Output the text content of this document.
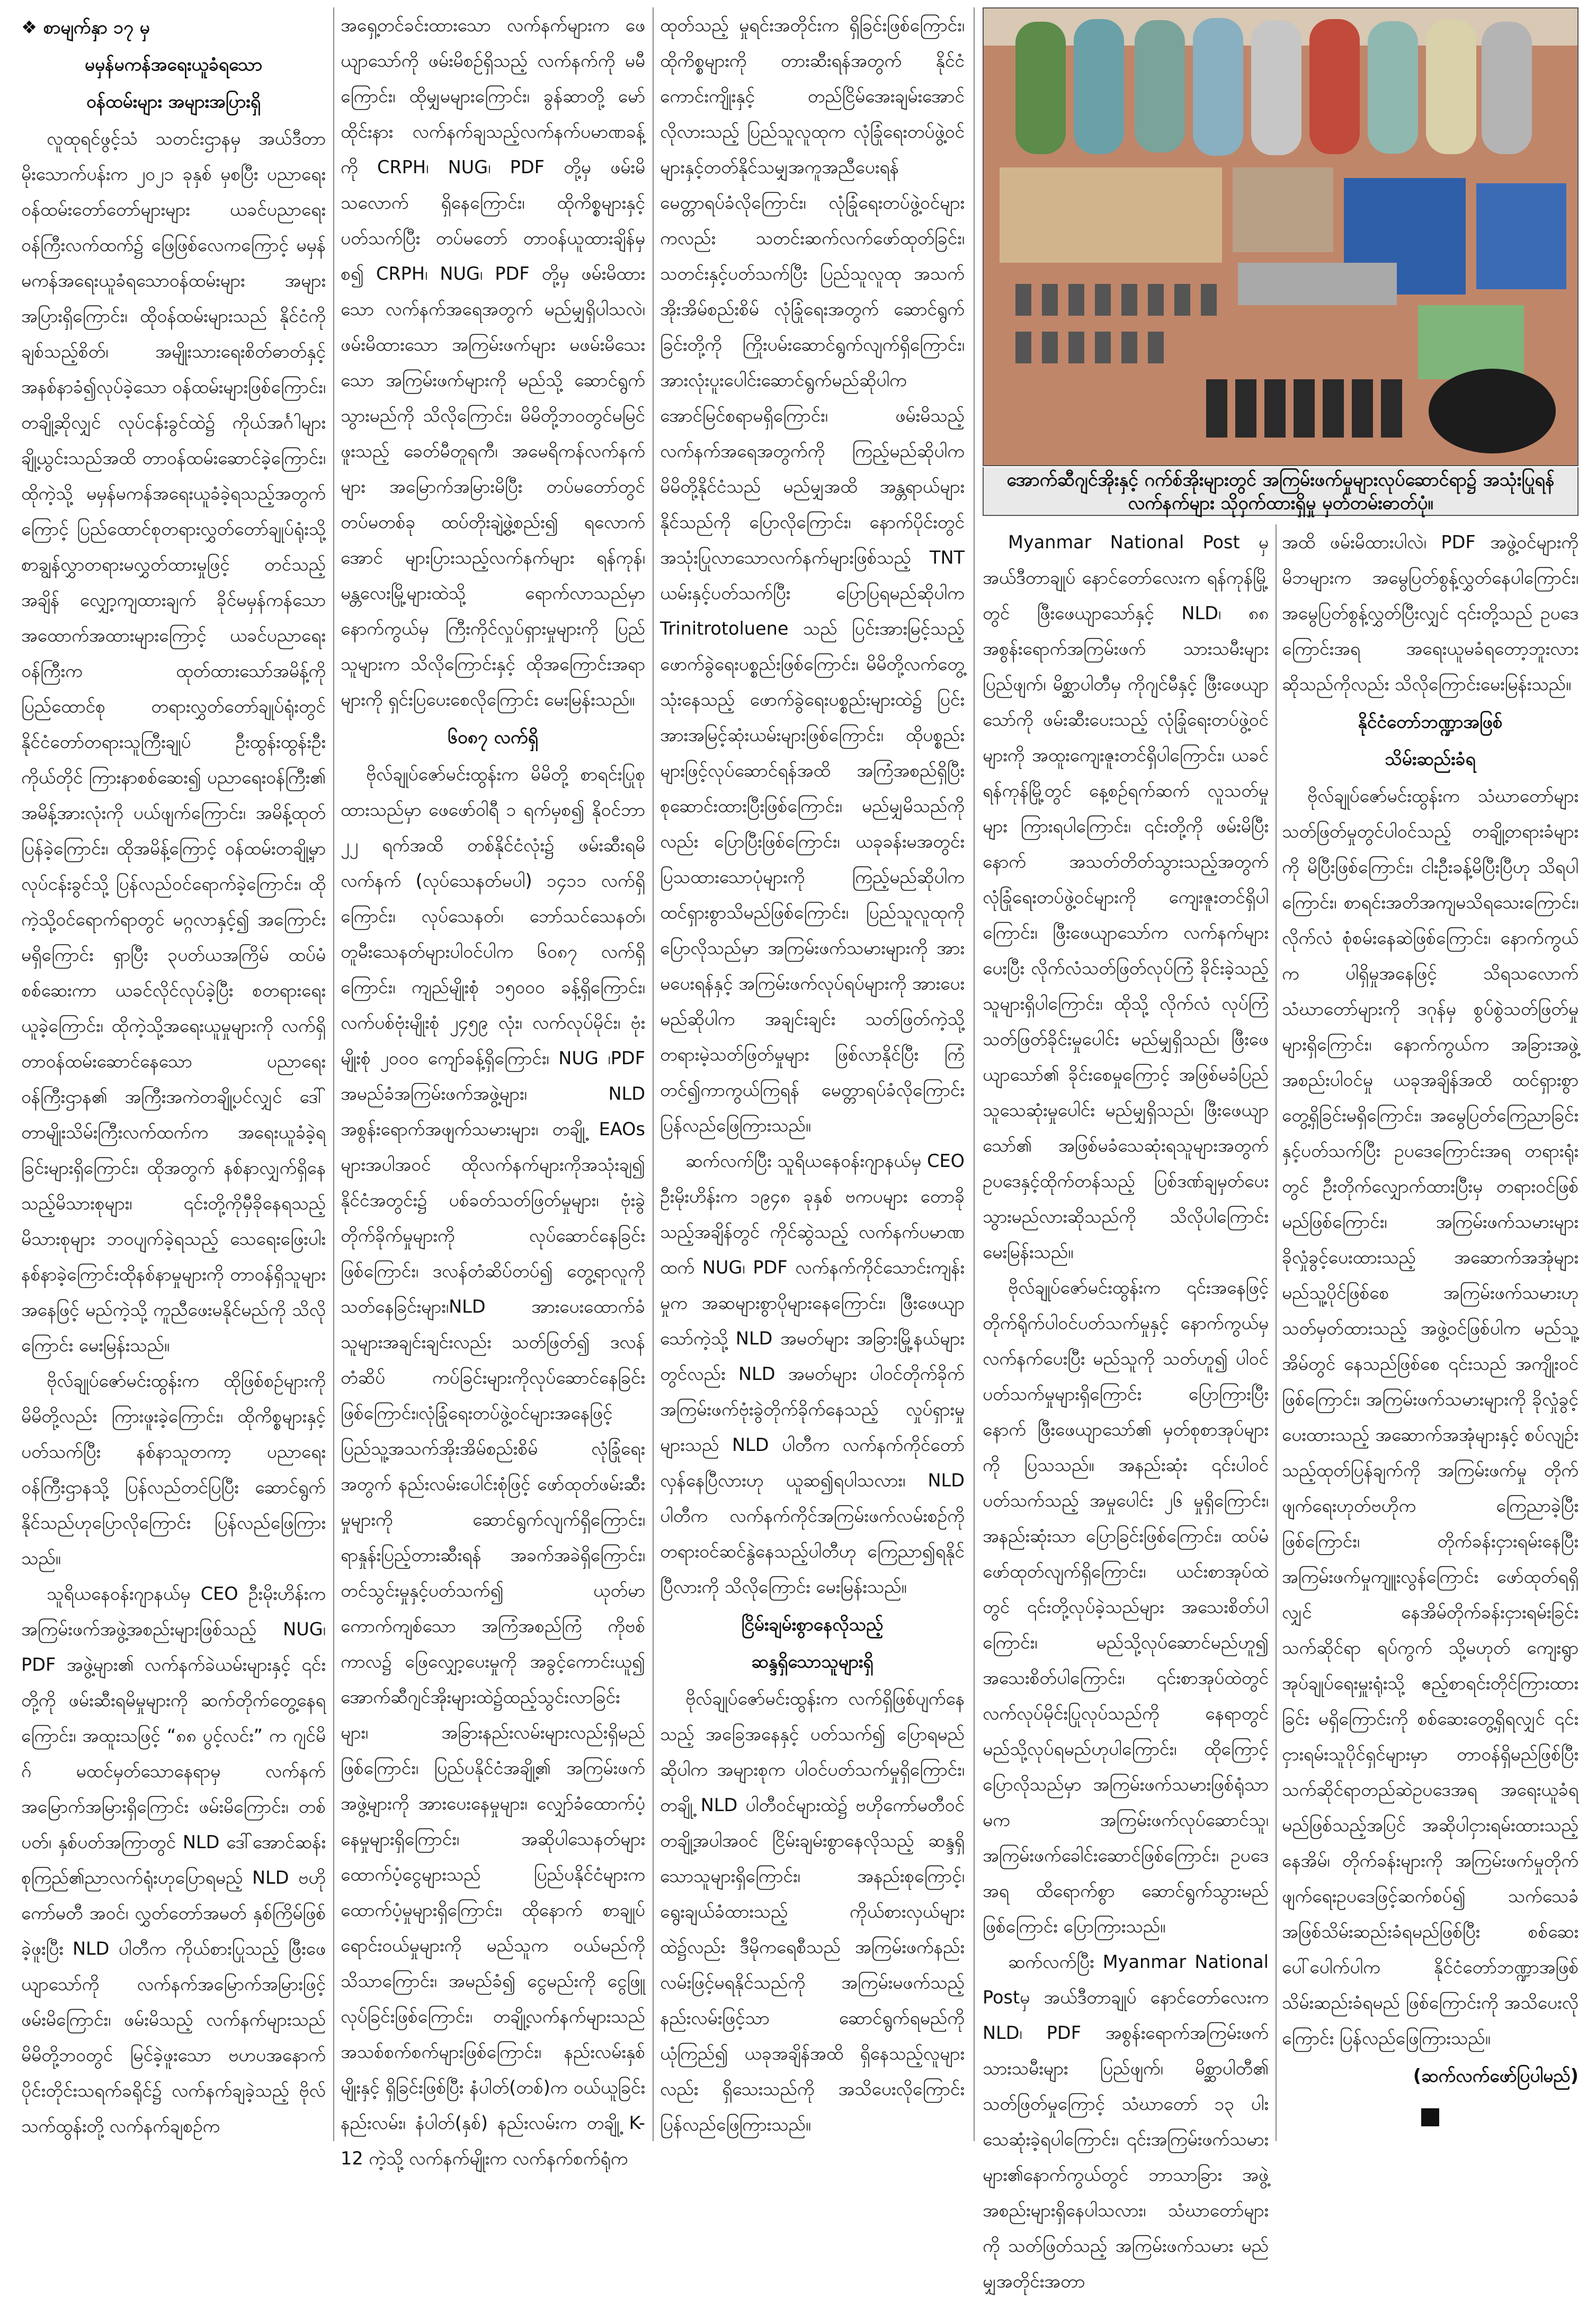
❖ စာမျက်နှာ ၁၇ မှ
မမှန်မကန်အရေးယူခံရသော
ဝန်ထမ်းများ အများအပြားရှိ

လူထုရင်ဖွင့်သံ သတင်းဌာနမှ အယ်ဒီတာ မိုးသောက်ပန်းက ၂၀၂၁ ခုနှစ် မှစပြီး ပညာရေးဝန်ထမ်းတော်တော်များများ ယခင်ပညာရေးဝန်ကြီးလက်ထက်၌ ဖြေဖြစ်လေကကြောင့် မမှန်မကန်အရေးယူခံရသောဝန်ထမ်းများ အများအပြားရှိကြောင်း၊ ထိုဝန်ထမ်းများသည် နိုင်ငံကိုချစ်သည့်စိတ်၊ အမျိုးသားရေးစိတ်ဓာတ်နှင့် အနစ်နာခံ၍လုပ်ခဲ့သော ဝန်ထမ်းများဖြစ်ကြောင်း၊ တချို့ဆိုလျှင် လုပ်ငန်းခွင်ထဲ၌ ကိုယ်အင်္ဂါများ ချို့ယွင်းသည်အထိ တာဝန်ထမ်းဆောင်ခဲ့ကြောင်း၊ ထိုကဲ့သို့ မမှန်မကန်အရေးယူခံခဲ့ရသည့်အတွက်ကြောင့် ပြည်ထောင်စုတရားလွှတ်တော်ချုပ်ရုံးသို့ စာချွန်လွှာတရားမလွှတ်ထားမှုဖြင့် တင်သည့်အချိန် လျှော့ကျထားချက် ခိုင်မမှန်ကန်သော အထောက်အထားများကြောင့် ယခင်ပညာရေးဝန်ကြီးက ထုတ်ထားသော်အမိန့်ကို ပြည်ထောင်စု တရားလွှတ်တော်ချုပ်ရုံးတွင် နိုင်ငံတော်တရားသူကြီးချုပ် ဦးထွန်းထွန်းဦးကိုယ်တိုင် ကြားနာစစ်ဆေး၍ ပညာရေးဝန်ကြီး၏ အမိန့်အားလုံးကို ပယ်ဖျက်ကြောင်း၊ အမိန့်ထုတ်ပြန်ခဲ့ကြောင်း၊ ထိုအမိန့်ကြောင့် ဝန်ထမ်းတချို့မှာ လုပ်ငန်းခွင်သို့ ပြန်လည်ဝင်ရောက်ခဲ့ကြောင်း၊ ထိုကဲ့သို့ဝင်ရောက်ရာတွင် မဂ္ဂလာနှင့်၍ အကြောင်းမရှိကြောင်း ရှာပြီး ၃ပတ်ယအကြိမ် ထပ်မံစစ်ဆေးကာ ယခင်လိုင်လုပ်ခဲ့ပြီး စတရားရေးယူခဲ့ကြောင်း၊ ထိုကဲ့သို့အရေးယူမှုများကို လက်ရှိ တာဝန်ထမ်းဆောင်နေသော ပညာရေးဝန်ကြီးဌာန၏ အကြီးအကဲတချို့ပင်လျှင် ဒေါ်တာမျိုးသိမ်းကြီးလက်ထက်က အရေးယူခံခဲ့ရခြင်းများရှိကြောင်း၊ ထိုအတွက် နစ်နာလျှက်ရှိနေသည့်မိသားစုများ၊ ၎င်းတို့ကိုမှီခိုနေရသည့် မိသားစုများ ဘဝပျက်ခဲ့ရသည့် သေရေးဖြေးပါး နစ်နာခဲ့ကြောင်းထိုနစ်နာမှုများကို တာဝန်ရှိသူများအနေဖြင့် မည်ကဲ့သို့ ကူညီဖေးမနိုင်မည်ကို သိလိုကြောင်း မေးမြန်းသည်။

ဗိုလ်ချုပ်ဇော်မင်းထွန်းက ထိုဖြစ်စဉ်များကို မိမိတို့လည်း ကြားဖူးခဲ့ကြောင်း၊ ထိုကိစ္စများနှင့်ပတ်သက်ပြီး နစ်နာသူတကာ့ ပညာရေးဝန်ကြီးဌာနသို့ ပြန်လည်တင်ပြပြီး ဆောင်ရွက်နိုင်သည်ဟုပြောလိုကြောင်း ပြန်လည်ဖြေကြားသည်။

သူရိယနေဝန်းဂျာနယ်မှ CEO ဦးမိုးဟိန်းက အကြမ်းဖက်အဖွဲ့အစည်းများဖြစ်သည့် NUG၊ PDF အဖွဲ့များ၏ လက်နက်ခဲယမ်းများနှင့် ၎င်းတို့ကို ဖမ်းဆီးရမိမှုများကို ဆက်တိုက်တွေ့နေရကြောင်း၊ အထူးသဖြင့် “၈၈ ပွင့်လင်း” က ဂျင်မိဂ် မထင်မှတ်သောနေရာမှ လက်နက်အမြောက်အမြားရှိကြောင်း ဖမ်းမိကြောင်း၊ တစ်ပတ်၊ နှစ်ပတ်အကြာတွင် NLD ဒေါ်အောင်ဆန်းစုကြည်၏ညာလက်ရုံးဟုပြောရမည့် NLD ဗဟိုကော်မတီ အဝင်၊ လွှတ်တော်အမတ် နှစ်ကြိမ်ဖြစ်ခဲ့ဖူးပြီး NLD ပါတီက ကိုယ်စားပြုသည့် ဖြီးဖေယျာသော်ကို လက်နက်အမြောက်အမြားဖြင့် ဖမ်းမိကြောင်း၊ ဖမ်းမိသည့် လက်နက်များသည် မိမိတို့ဘဝတွင် မြင်ခဲ့ဖူးသော ဗဟပအနောက်ပိုင်းတိုင်းသရက်ခရိုင်၌ လက်နက်ချခဲ့သည့် ဗိုလ်သက်ထွန်းတို့ လက်နက်ချစဉ်က

အရှေ့တင်ခင်းထားသော လက်နက်များက ဖေယျာသော်ကို ဖမ်းမိစဉ်ရှိသည့် လက်နက်ကို မမီကြောင်း၊ ထိုမျှမများကြောင်း၊ ခွန်ဆာတို့ မော်ထိုင်းနား လက်နက်ချသည့်လက်နက်ပမာဏခန့်ကို CRPH၊ NUG၊ PDF တို့မှ ဖမ်းမိသလောက် ရှိနေကြောင်း၊ ထိုကိစ္စများနှင့်ပတ်သက်ပြီး တပ်မတော် တာဝန်ယူထားချိန်မှစ၍ CRPH၊ NUG၊ PDF တို့မှ ဖမ်းမိထားသော လက်နက်အရေအတွက် မည်မျှရှိပါသလဲ၊ ဖမ်းမိထားသော အကြမ်းဖက်များ မဖမ်းမိသေးသော အကြမ်းဖက်များကို မည်သို့ ဆောင်ရွက်သွားမည်ကို သိလိုကြောင်း၊ မိမိတို့ဘဝတွင်မမြင်ဖူးသည့် ခေတ်မီတူရကီ၊ အမေရိကန်လက်နက်များ အမြောက်အမြားမိပြီး တပ်မတော်တွင်တပ်မတစ်ခု ထပ်တိုးချဲ့ဖွဲ့စည်း၍ ရလောက်အောင် များပြားသည့်လက်နက်များ ရန်ကုန်၊ မန္တလေးမြို့များထဲသို့ ရောက်လာသည်မှာ နောက်ကွယ်မှ ကြီးကိုင်လှုပ်ရှားမှုများကို ပြည်သူများက သိလိုကြောင်းနှင့် ထိုအကြောင်းအရာများကို ရှင်းပြပေးစေလိုကြောင်း မေးမြန်းသည်။

၆၀၈၇ လက်ရှိ

ဗိုလ်ချုပ်ဇော်မင်းထွန်းက မိမိတို့ စာရင်းပြုစုထားသည်မှာ ဖေဖော်ဝါရီ ၁ ရက်မှစ၍ နိုဝင်ဘာ ၂၂ ရက်အထိ တစ်နိုင်ငံလုံး၌ ဖမ်းဆီးရမိလက်နက် (လုပ်သေနတ်မပါ) ၁၄၁၁ လက်ရှိကြောင်း၊ လုပ်သေနတ်၊ ဘော်သင်သေနတ်၊ တူမီးသေနတ်များပါဝင်ပါက ၆၀၈၇ လက်ရှိကြောင်း၊ ကျည်မျိုးစုံ ၁၅၀၀၀ ခန့်ရှိကြောင်း၊ လက်ပစ်ဗုံးမျိုးစုံ ၂၄၅၉ လုံး၊ လက်လုပ်မိုင်း၊ ဗုံးမျိုးစုံ ၂၀၀၀ ကျော်ခန့်ရှိကြောင်း၊ NUG ၊PDF အမည်ခံအကြမ်းဖက်အဖွဲ့များ၊ NLD အစွန်းရောက်အဖျက်သမားများ၊ တချို့ EAOs များအပါအဝင် ထိုလက်နက်များကိုအသုံးချ၍ နိုင်ငံအတွင်း၌ ပစ်ခတ်သတ်ဖြတ်မှုများ၊ ဗုံးခွဲတိုက်ခိုက်မှုများကို လုပ်ဆောင်နေခြင်းဖြစ်ကြောင်း၊ ဒလန်တံဆိပ်တပ်၍ တွေ့ရာလူကို သတ်နေခြင်းများ၊NLD အားပေးထောက်ခံသူများအချင်းချင်းလည်း သတ်ဖြတ်၍ ဒလန်တံဆိပ် ကပ်ခြင်းများကိုလုပ်ဆောင်နေခြင်းဖြစ်ကြောင်း၊လုံခြုံရေးတပ်ဖွဲ့ဝင်များအနေဖြင့် ပြည်သူ့အသက်အိုးအိမ်စည်းစိမ် လုံခြုံရေးအတွက် နည်းလမ်းပေါင်းစုံဖြင့် ဖော်ထုတ်ဖမ်းဆီးမှုများကို ဆောင်ရွက်လျက်ရှိကြောင်း၊ ရာနှုန်းပြည့်တားဆီးရန် အခက်အခဲရှိကြောင်း၊ တင်သွင်းမှုနှင့်ပတ်သက်၍ ယုတ်မာကောက်ကျစ်သော အကြံအစည်ကြံ ကိုဗစ်ကာလ၌ ဖြေလျှော့ပေးမှုကို အခွင့်ကောင်းယူ၍ အောက်ဆီဂျင်အိုးများထဲ၌ထည့်သွင်းလာခြင်းများ၊ အခြားနည်းလမ်းများလည်းရှိမည်ဖြစ်ကြောင်း၊ ပြည်ပနိုင်ငံအချို့၏ အကြမ်းဖက်အဖွဲ့များကို အားပေးနေမှုများ၊ လျှော်ခံထောက်ပံ့နေမှုများရှိကြောင်း၊ အဆိုပါသေနတ်များ ထောက်ပံ့ငွေများသည် ပြည်ပနိုင်ငံများက ထောက်ပံ့မှုများရှိကြောင်း၊ ထိုနောက် စာချုပ်ရောင်းဝယ်မှုများကို မည်သူက ဝယ်မည်ကို သိသာကြောင်း၊ အမည်ခံ၍ ငွေမည်းကို ငွေဖြူလုပ်ခြင်းဖြစ်ကြောင်း၊ တချို့လက်နက်များသည် အသစ်စက်စက်များဖြစ်ကြောင်း၊ နည်းလမ်းနှစ်မျိုးနှင့် ရှိခြင်းဖြစ်ပြီး နံပါတ်(တစ်)က ဝယ်ယူခြင်းနည်းလမ်း၊ နံပါတ်(နှစ်) နည်းလမ်းက တချို့ K-12 ကဲ့သို့ လက်နက်မျိုးက လက်နက်စက်ရုံက

ထုတ်သည့် မှုရင်းအတိုင်းက ရှိခြင်းဖြစ်ကြောင်း၊ ထိုကိစ္စများကို တားဆီးရန်အတွက် နိုင်ငံကောင်းကျိုးနှင့် တည်ငြိမ်အေးချမ်းအောင် လိုလားသည့် ပြည်သူလူထုက လုံခြုံရေးတပ်ဖွဲ့ဝင်များနှင့်တတ်နိုင်သမျှအကူအညီပေးရန် မေတ္တာရပ်ခံလိုကြောင်း၊ လုံခြုံရေးတပ်ဖွဲ့ဝင်များကလည်း သတင်းဆက်လက်ဖော်ထုတ်ခြင်း၊ သတင်းနှင့်ပတ်သက်ပြီး ပြည်သူလူထု အသက်အိုးအိမ်စည်းစိမ် လုံခြုံရေးအတွက် ဆောင်ရွက်ခြင်းတို့ကို ကြိုးပမ်းဆောင်ရွက်လျက်ရှိကြောင်း၊ အားလုံးပူးပေါင်းဆောင်ရွက်မည်ဆိုပါက အောင်မြင်စရာမရှိကြောင်း၊ ဖမ်းမိသည့် လက်နက်အရေအတွက်ကို ကြည့်မည်ဆိုပါက မိမိတို့နိုင်ငံသည် မည်မျှအထိ အန္တရာယ်များနိုင်သည်ကို ပြောလိုကြောင်း၊ နောက်ပိုင်းတွင် အသုံးပြုလာသောလက်နက်များဖြစ်သည့် TNT ယမ်းနှင့်ပတ်သက်ပြီး ပြောပြရမည်ဆိုပါက Trinitrotoluene သည် ပြင်းအားမြင့်သည့် ဖောက်ခွဲရေးပစ္စည်းဖြစ်ကြောင်း၊ မိမိတို့လက်တွေ့သုံးနေသည့် ဖောက်ခွဲရေးပစ္စည်းများထဲ၌ ပြင်းအားအမြင့်ဆုံးယမ်းများဖြစ်ကြောင်း၊ ထိုပစ္စည်းများဖြင့်လုပ်ဆောင်ရန်အထိ အကြံအစည်ရှိပြီး စုဆောင်းထားပြီးဖြစ်ကြောင်း၊ မည်မျှမိသည်ကိုလည်း ပြောပြီးဖြစ်ကြောင်း၊ ယခုခန်းမအတွင်း ပြသထားသောပုံများကို ကြည့်မည်ဆိုပါက ထင်ရှားစွာသိမည်ဖြစ်ကြောင်း၊ ပြည်သူလူထုကို ပြောလိုသည်မှာ အကြမ်းဖက်သမားများကို အားမပေးရန်နှင့် အကြမ်းဖက်လုပ်ရပ်များကို အားပေးမည်ဆိုပါက အချင်းချင်း သတ်ဖြတ်ကဲ့သို့ တရားမဲ့သတ်ဖြတ်မှုများ ဖြစ်လာနိုင်ပြီး ကြံတင်၍ကာကွယ်ကြရန် မေတ္တာရပ်ခံလိုကြောင်း ပြန်လည်ဖြေကြားသည်။

ဆက်လက်ပြီး သူရိယနေဝန်းဂျာနယ်မှ CEO ဦးမိုးဟိန်းက ၁၉၄၈ ခုနှစ် ဗကပများ တောခိုသည့်အချိန်တွင် ကိုင်ဆွဲသည့် လက်နက်ပမာဏထက် NUG၊ PDF လက်နက်ကိုင်သောင်းကျန်းမှုက အဆများစွာပိုများနေကြောင်း၊ ဖြီးဖေယျာသော်ကဲ့သို့ NLD အမတ်များ အခြားမြို့နယ်များတွင်လည်း NLD အမတ်များ ပါဝင်တိုက်ခိုက်အကြမ်းဖက်ဗုံးခွဲတိုက်ခိုက်နေသည့် လှုပ်ရှားမှုများသည် NLD ပါတီက လက်နက်ကိုင်တော်လှန်နေပြီလားဟု ယူဆ၍ရပါသလား၊ NLD ပါတီက လက်နက်ကိုင်အကြမ်းဖက်လမ်းစဉ်ကို တရားဝင်ဆင်နွဲနေသည့်ပါတီဟု ကြေညာ၍ရနိုင်ပြီလားကို သိလိုကြောင်း မေးမြန်းသည်။

ငြိမ်းချမ်းစွာနေလိုသည့်
ဆန္ဒရှိသောသူများရှိ

ဗိုလ်ချုပ်ဇော်မင်းထွန်းက လက်ရှိဖြစ်ပျက်နေသည့် အခြေအနေနှင့် ပတ်သက်၍ ပြောရမည်ဆိုပါက အများစုက ပါဝင်ပတ်သက်မှုရှိကြောင်း၊ တချို့ NLD ပါတီဝင်များထဲ၌ ဗဟိုကော်မတီဝင်တချို့အပါအဝင် ငြိမ်းချမ်းစွာနေလိုသည့် ဆန္ဒရှိသောသူများရှိကြောင်း၊ အနည်းစုကြောင့်၊ ရွေးချယ်ခံထားသည့် ကိုယ်စားလှယ်များထဲ၌လည်း ဒီမိုကရေစီသည် အကြမ်းဖက်နည်းလမ်းဖြင့်မရနိုင်သည်ကို အကြမ်းမဖက်သည့် နည်းလမ်းဖြင့်သာ ဆောင်ရွက်ရမည်ကို ယုံကြည်၍ ယခုအချိန်အထိ ရှိနေသည့်လူများလည်း ရှိသေးသည်ကို အသိပေးလိုကြောင်း ပြန်လည်ဖြေကြားသည်။

အောက်ဆီဂျင်အိုးနှင့် ဂက်စ်အိုးများတွင် အကြမ်းဖက်မှုများလုပ်ဆောင်ရာ၌ အသုံးပြုရန် လက်နက်များ သိုဝှက်ထားရှိမှု မှတ်တမ်းဓာတ်ပုံ။

Myanmar National Post မှ အယ်ဒီတာချုပ် နောင်တော်လေးက ရန်ကုန်မြို့တွင် ဖြီးဖေယျာသော်နှင့် NLD၊ ၈၈ အစွန်းရောက်အကြမ်းဖက် သားသမီးများ ပြည်ဖျက်၊ မိစ္ဆာပါတီမှ ကိုဂျင်မီနှင့် ဖြီးဖေယျာသော်ကို ဖမ်းဆီးပေးသည့် လုံခြုံရေးတပ်ဖွဲ့ဝင်များကို အထူးကျေးဇူးတင်ရှိပါကြောင်း၊ ယခင် ရန်ကုန်မြို့တွင် နေ့စဉ်ရက်ဆက် လူသတ်မှုများ ကြားရပါကြောင်း၊ ၎င်းတို့ကို ဖမ်းမိပြီးနောက် အသတ်တိတ်သွားသည့်အတွက် လုံခြုံရေးတပ်ဖွဲ့ဝင်များကို ကျေးဇူးတင်ရှိပါကြောင်း၊ ဖြီးဖေယျာသော်က လက်နက်များပေးပြီး လိုက်လံသတ်ဖြတ်လုပ်ကြံ ခိုင်းခဲ့သည့်သူများရှိပါကြောင်း၊ ထိုသို့ လိုက်လံ လုပ်ကြံသတ်ဖြတ်ခိုင်းမှုပေါင်း မည်မျှရှိသည်၊ ဖြီးဖေယျာသော်၏ ခိုင်းစေမှုကြောင့် အဖြစ်မခံပြည်သူသေဆုံးမှုပေါင်း မည်မျှရှိသည်၊ ဖြီးဖေယျာသော်၏ အဖြစ်မခံသေဆုံးရသူများအတွက် ဥပဒေနှင့်ထိုက်တန်သည့် ပြစ်ဒဏ်ချမှတ်ပေးသွားမည်လားဆိုသည်ကို သိလိုပါကြောင်း မေးမြန်းသည်။

ဗိုလ်ချုပ်ဇော်မင်းထွန်းက ၎င်းအနေဖြင့် တိုက်ရိုက်ပါဝင်ပတ်သက်မှုနှင့် နောက်ကွယ်မှ လက်နက်ပေးပြီး မည်သူကို သတ်ဟူ၍ ပါဝင်ပတ်သက်မှုများရှိကြောင်း ပြောကြားပြီး နောက် ဖြီးဖေယျာသော်၏ မှတ်စုစာအုပ်များကို ပြသသည်။ အနည်းဆုံး ၎င်းပါဝင်ပတ်သက်သည့် အမှုပေါင်း ၂၆ မှုရှိကြောင်း၊ အနည်းဆုံးသာ ပြောခြင်းဖြစ်ကြောင်း၊ ထပ်မံဖော်ထုတ်လျက်ရှိကြောင်း၊ ယင်းစာအုပ်ထဲတွင် ၎င်းတို့လုပ်ခဲ့သည်များ အသေးစိတ်ပါကြောင်း၊ မည်သို့လုပ်ဆောင်မည်ဟူ၍ အသေးစိတ်ပါကြောင်း၊ ၎င်းစာအုပ်ထဲတွင် လက်လုပ်မိုင်းပြုလုပ်သည်ကို နေရာတွင် မည်သို့လုပ်ရမည်ဟုပါကြောင်း၊ ထိုကြောင့်ပြောလိုသည်မှာ အကြမ်းဖက်သမားဖြစ်ရုံသာမက အကြမ်းဖက်လုပ်ဆောင်သူ၊ အကြမ်းဖက်ခေါင်းဆောင်ဖြစ်ကြောင်း၊ ဥပဒေအရ ထိရောက်စွာ ဆောင်ရွက်သွားမည်ဖြစ်ကြောင်း ပြောကြားသည်။

ဆက်လက်ပြီး Myanmar National Postမှ အယ်ဒီတာချုပ် နောင်တော်လေးက NLD၊ PDF အစွန်းရောက်အကြမ်းဖက်သားသမီးများ ပြည်ဖျက်၊ မိစ္ဆာပါတီ၏ သတ်ဖြတ်မှုကြောင့် သံဃာတော် ၁၃ ပါး သေဆုံးခဲ့ရပါကြောင်း၊ ၎င်းအကြမ်းဖက်သမားများ၏နောက်ကွယ်တွင် ဘာသာခြား အဖွဲ့အစည်းများရှိနေပါသလား၊ သံဃာတော်များကို သတ်ဖြတ်သည့် အကြမ်းဖက်သမား မည်မျှအတိုင်းအတာ

အထိ ဖမ်းမိထားပါလဲ၊ PDF အဖွဲ့ဝင်များကို မိဘများက အမွေပြတ်စွန့်လွှတ်နေပါကြောင်း၊ အမွေပြတ်စွန့်လွှတ်ပြီးလျှင် ၎င်းတို့သည် ဥပဒေကြောင်းအရ အရေးယူမခံရတော့ဘူးလား ဆိုသည်ကိုလည်း သိလိုကြောင်းမေးမြန်းသည်။

နိုင်ငံတော်ဘဏ္ဍာအဖြစ်
သိမ်းဆည်းခံရ

ဗိုလ်ချုပ်ဇော်မင်းထွန်းက သံဃာတော်များ သတ်ဖြတ်မှုတွင်ပါဝင်သည့် တချို့တရားခံများကို မိပြီးဖြစ်ကြောင်း၊ ငါးဦးခန့်မိပြီးပြီဟု သိရပါကြောင်း၊ စာရင်းအတိအကျမသိရသေးကြောင်း၊ လိုက်လံ စုံစမ်းနေဆဲဖြစ်ကြောင်း၊ နောက်ကွယ်က ပါရှိမှုအနေဖြင့် သိရသလောက် သံဃာတော်များကို ဒဂုန်မှ စွပ်စွဲသတ်ဖြတ်မှုများရှိကြောင်း၊ နောက်ကွယ်က အခြားအဖွဲ့အစည်းပါဝင်မှု ယခုအချိန်အထိ ထင်ရှားစွာ တွေ့ရှိခြင်းမရှိကြောင်း၊ အမွေပြတ်ကြေညာခြင်းနှင့်ပတ်သက်ပြီး ဥပဒေကြောင်းအရ တရားရုံးတွင် ဦးတိုက်လျှောက်ထားပြီးမှ တရားဝင်ဖြစ်မည်ဖြစ်ကြောင်း၊ အကြမ်းဖက်သမားများ ခိုလှုံခွင့်ပေးထားသည့် အဆောက်အအုံများ မည်သူ့ပိုင်ဖြစ်စေ အကြမ်းဖက်သမားဟု သတ်မှတ်ထားသည့် အဖွဲ့ဝင်ဖြစ်ပါက မည်သူ့အိမ်တွင် နေသည်ဖြစ်စေ ၎င်းသည် အကျိုးဝင်ဖြစ်ကြောင်း၊ အကြမ်းဖက်သမားများကို ခိုလှုံခွင့်ပေးထားသည့် အဆောက်အအုံများနှင့် စပ်လျဉ်းသည့်ထုတ်ပြန်ချက်ကို အကြမ်းဖက်မှု တိုက်ဖျက်ရေးဟုတ်ဗဟိုက ကြေညာခဲ့ပြီးဖြစ်ကြောင်း၊ တိုက်ခန်းငှားရမ်းနေပြီး အကြမ်းဖက်မှုကျူးလွန်ကြောင်း ဖော်ထုတ်ရရှိလျှင် နေအိမ်တိုက်ခန်းငှားရမ်းခြင်း သက်ဆိုင်ရာ ရပ်ကွက် သို့မဟုတ် ကျေးရွာအုပ်ချုပ်ရေးမှူးရုံးသို့ ဧည့်စာရင်းတိုင်ကြားထားခြင်း မရှိကြောင်းကို စစ်ဆေးတွေ့ရှိရလျှင် ၎င်းငှားရမ်းသူပိုင်ရှင်များမှာ တာဝန်ရှိမည်ဖြစ်ပြီး သက်ဆိုင်ရာတည်ဆဲဥပဒေအရ အရေးယူခံရမည်ဖြစ်သည့်အပြင် အဆိုပါငှားရမ်းထားသည့် နေအိမ်၊ တိုက်ခန်းများကို အကြမ်းဖက်မှုတိုက်ဖျက်ရေးဥပဒေဖြင့်ဆက်စပ်၍ သက်သေခံအဖြစ်သိမ်းဆည်းခံရမည်ဖြစ်ပြီး စစ်ဆေးပေါ်ပေါက်ပါက နိုင်ငံတော်ဘဏ္ဍာအဖြစ် သိမ်းဆည်းခံရမည် ဖြစ်ကြောင်းကို အသိပေးလိုကြောင်း ပြန်လည်ဖြေကြားသည်။

(ဆက်လက်ဖော်ပြပါမည်)
